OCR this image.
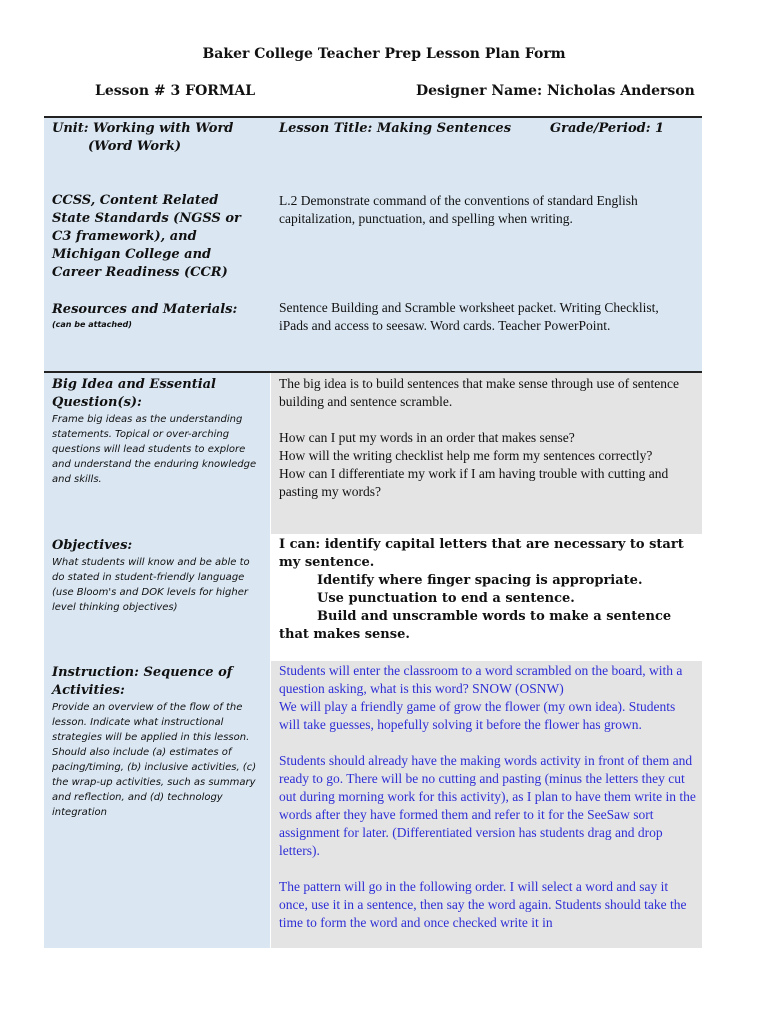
Baker College Teacher Prep Lesson Plan Form
Lesson # 3 FORMAL	Designer Name: Nicholas Anderson
Unit: Working with Word
(Word Work)
Lesson Title: Making Sentences	Grade/Period: 1
CCSS, Content Related State Standards (NGSS or C3 framework), and Michigan College and Career Readiness (CCR)
L.2 Demonstrate command of the conventions of standard English capitalization, punctuation, and spelling when writing.
Resources and Materials:
(can be attached)
Sentence Building and Scramble worksheet packet. Writing Checklist, iPads and access to seesaw. Word cards. Teacher PowerPoint.
Big Idea and Essential Question(s):
Frame big ideas as the understanding statements. Topical or over-arching questions will lead students to explore and understand the enduring knowledge and skills.

The big idea is to build sentences that make sense through use of sentence building and sentence scramble.

How can I put my words in an order that makes sense?
How will the writing checklist help me form my sentences correctly?
How can I differentiate my work if I am having trouble with cutting and pasting my words?
Objectives:
What students will know and be able to do stated in student-friendly language (use Bloom's and DOK levels for higher level thinking objectives)
I can: identify capital letters that are necessary to start my sentence.
Identify where finger spacing is appropriate.
Use punctuation to end a sentence.
Build and unscramble words to make a sentence that makes sense.
Instruction: Sequence of Activities:
Provide an overview of the flow of the lesson. Indicate what instructional strategies will be applied in this lesson. Should also include (a) estimates of pacing/timing, (b) inclusive activities, (c) the wrap-up activities, such as summary and reflection, and (d) technology integration
Students will enter the classroom to a word scrambled on the board, with a question asking, what is this word? SNOW (OSNW)

We will play a friendly game of grow the flower (my own idea). Students will take guesses, hopefully solving it before the flower has grown.

Students should already have the making words activity in front of them and ready to go. There will be no cutting and pasting (minus the letters they cut out during morning work for this activity), as I plan to have them write in the words after they have formed them and refer to it for the SeeSaw sort assignment for later. (Differentiated version has students drag and drop letters).

The pattern will go in the following order. I will select a word and say it once, use it in a sentence, then say the word again. Students should take the time to form the word and once checked write it in
